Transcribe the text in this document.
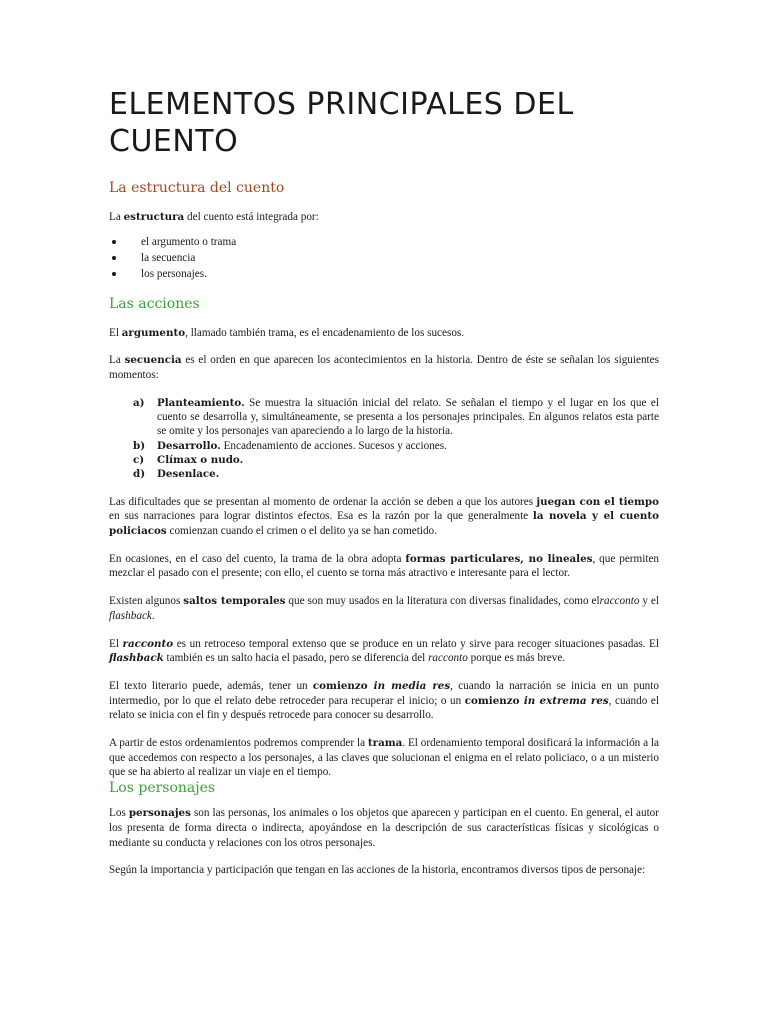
ELEMENTOS PRINCIPALES DEL CUENTO
La estructura del cuento

La estructura del cuento está integrada por:

el argumento o trama
la secuencia
los personajes.
Las acciones

El argumento, llamado también trama, es el encadenamiento de los sucesos.

La secuencia es el orden en que aparecen los acontecimientos en la historia. Dentro de éste se señalan los siguientes momentos:

a) Planteamiento. Se muestra la situación inicial del relato. Se señalan el tiempo y el lugar en los que el cuento se desarrolla y, simultáneamente, se presenta a los personajes principales. En algunos relatos esta parte se omite y los personajes van apareciendo a lo largo de la historia.
b) Desarrollo. Encadenamiento de acciones. Sucesos y acciones.
c) Clímax o nudo.
d) Desenlace.

Las dificultades que se presentan al momento de ordenar la acción se deben a que los autores juegan con el tiempo en sus narraciones para lograr distintos efectos. Esa es la razón por la que generalmente la novela y el cuento policiacos comienzan cuando el crimen o el delito ya se han cometido.

En ocasiones, en el caso del cuento, la trama de la obra adopta formas particulares, no lineales, que permiten mezclar el pasado con el presente; con ello, el cuento se torna más atractivo e interesante para el lector.

Existen algunos saltos temporales que son muy usados en la literatura con diversas finalidades, como elracconto y el flashback.

El racconto es un retroceso temporal extenso que se produce en un relato y sirve para recoger situaciones pasadas. El flashback también es un salto hacia el pasado, pero se diferencia del racconto porque es más breve.

El texto literario puede, además, tener un comienzo in media res, cuando la narración se inicia en un punto intermedio, por lo que el relato debe retroceder para recuperar el inicio; o un comienzo in extrema res, cuando el relato se inicia con el fin y después retrocede para conocer su desarrollo.

A partir de estos ordenamientos podremos comprender la trama. El ordenamiento temporal dosificará la información a la que accedemos con respecto a los personajes, a las claves que solucionan el enigma en el relato policiaco, o a un misterio que se ha abierto al realizar un viaje en el tiempo.

Los personajes

Los personajes son las personas, los animales o los objetos que aparecen y participan en el cuento. En general, el autor los presenta de forma directa o indirecta, apoyándose en la descripción de sus características físicas y sicológicas o mediante su conducta y relaciones con los otros personajes.

Según la importancia y participación que tengan en las acciones de la historia, encontramos diversos tipos de personaje:
